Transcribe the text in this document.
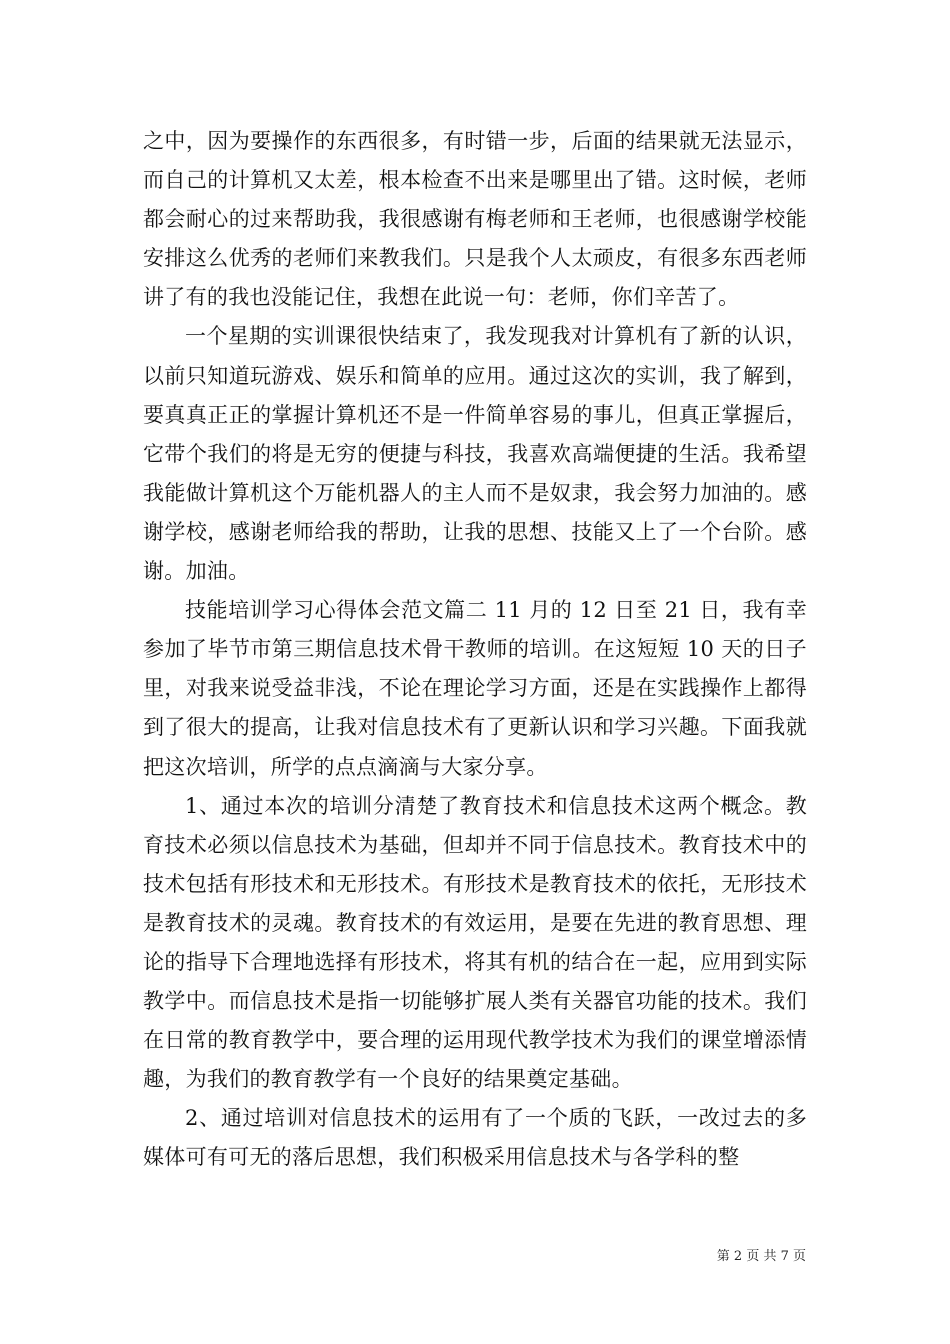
之中，因为要操作的东西很多，有时错一步，后面的结果就无法显示，而自己的计算机又太差，根本检查不出来是哪里出了错。这时候，老师都会耐心的过来帮助我，我很感谢有梅老师和王老师，也很感谢学校能安排这么优秀的老师们来教我们。只是我个人太顽皮，有很多东西老师讲了有的我也没能记住，我想在此说一句：老师，你们辛苦了。

一个星期的实训课很快结束了，我发现我对计算机有了新的认识，以前只知道玩游戏、娱乐和简单的应用。通过这次的实训，我了解到，要真真正正的掌握计算机还不是一件简单容易的事儿，但真正掌握后，它带个我们的将是无穷的便捷与科技，我喜欢高端便捷的生活。我希望我能做计算机这个万能机器人的主人而不是奴隶，我会努力加油的。感谢学校，感谢老师给我的帮助，让我的思想、技能又上了一个台阶。感谢。加油。

技能培训学习心得体会范文篇二 11 月的 12 日至 21 日，我有幸参加了毕节市第三期信息技术骨干教师的培训。在这短短 10 天的日子里，对我来说受益非浅，不论在理论学习方面，还是在实践操作上都得到了很大的提高，让我对信息技术有了更新认识和学习兴趣。下面我就把这次培训，所学的点点滴滴与大家分享。

1、通过本次的培训分清楚了教育技术和信息技术这两个概念。教育技术必须以信息技术为基础，但却并不同于信息技术。教育技术中的技术包括有形技术和无形技术。有形技术是教育技术的依托，无形技术是教育技术的灵魂。教育技术的有效运用，是要在先进的教育思想、理论的指导下合理地选择有形技术，将其有机的结合在一起，应用到实际教学中。而信息技术是指一切能够扩展人类有关器官功能的技术。我们在日常的教育教学中，要合理的运用现代教学技术为我们的课堂增添情趣，为我们的教育教学有一个良好的结果奠定基础。

2、通过培训对信息技术的运用有了一个质的飞跃，一改过去的多媒体可有可无的落后思想，我们积极采用信息技术与各学科的整

第 2 页 共 7 页
